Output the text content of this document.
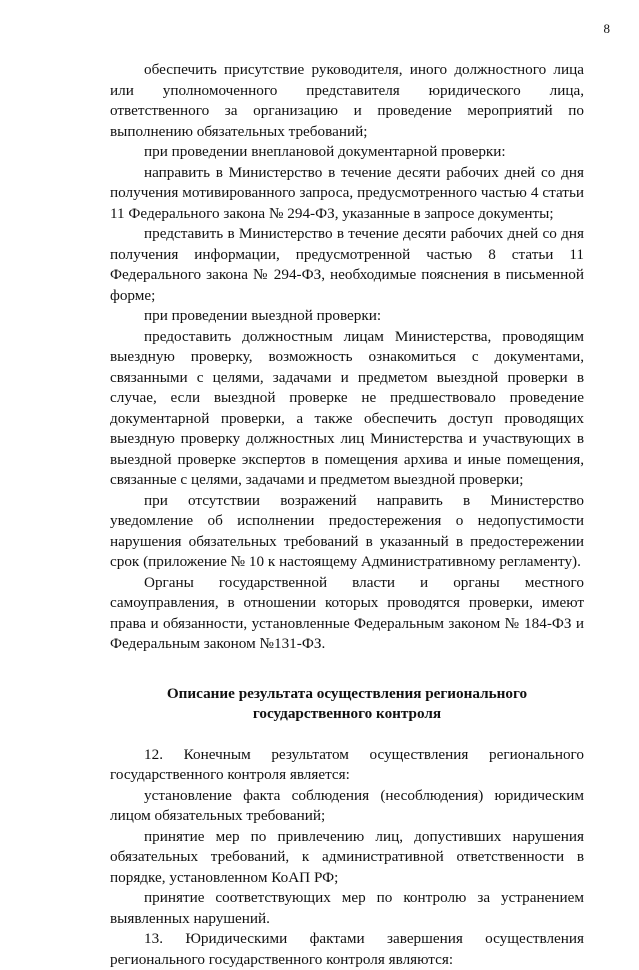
8

обеспечить присутствие руководителя, иного должностного лица или уполномоченного представителя юридического лица, ответственного за организацию и проведение мероприятий по выполнению обязательных требований;

при проведении внеплановой документарной проверки:

направить в Министерство в течение десяти рабочих дней со дня получения мотивированного запроса, предусмотренного частью 4 статьи 11 Федерального закона № 294-ФЗ, указанные в запросе документы;

представить в Министерство в течение десяти рабочих дней со дня получения информации, предусмотренной частью 8 статьи 11 Федерального закона № 294-ФЗ, необходимые пояснения в письменной форме;

при проведении выездной проверки:

предоставить должностным лицам Министерства, проводящим выездную проверку, возможность ознакомиться с документами, связанными с целями, задачами и предметом выездной проверки в случае, если выездной проверке не предшествовало проведение документарной проверки, а также обеспечить доступ проводящих выездную проверку должностных лиц Министерства и участвующих в выездной проверке экспертов в помещения архива и иные помещения, связанные с целями, задачами и предметом выездной проверки;

при отсутствии возражений направить в Министерство уведомление об исполнении предостережения о недопустимости нарушения обязательных требований в указанный в предостережении срок (приложение № 10 к настоящему Административному регламенту).

Органы государственной власти и органы местного самоуправления, в отношении которых проводятся проверки, имеют права и обязанности, установленные Федеральным законом № 184-ФЗ и Федеральным законом №131-ФЗ.

Описание результата осуществления регионального
государственного контроля

12. Конечным результатом осуществления регионального государственного контроля является:

установление факта соблюдения (несоблюдения) юридическим лицом обязательных требований;

принятие мер по привлечению лиц, допустивших нарушения обязательных требований, к административной ответственности в порядке, установленном КоАП РФ;

принятие соответствующих мер по контролю за устранением выявленных нарушений.

13. Юридическими фактами завершения осуществления регионального государственного контроля являются:
